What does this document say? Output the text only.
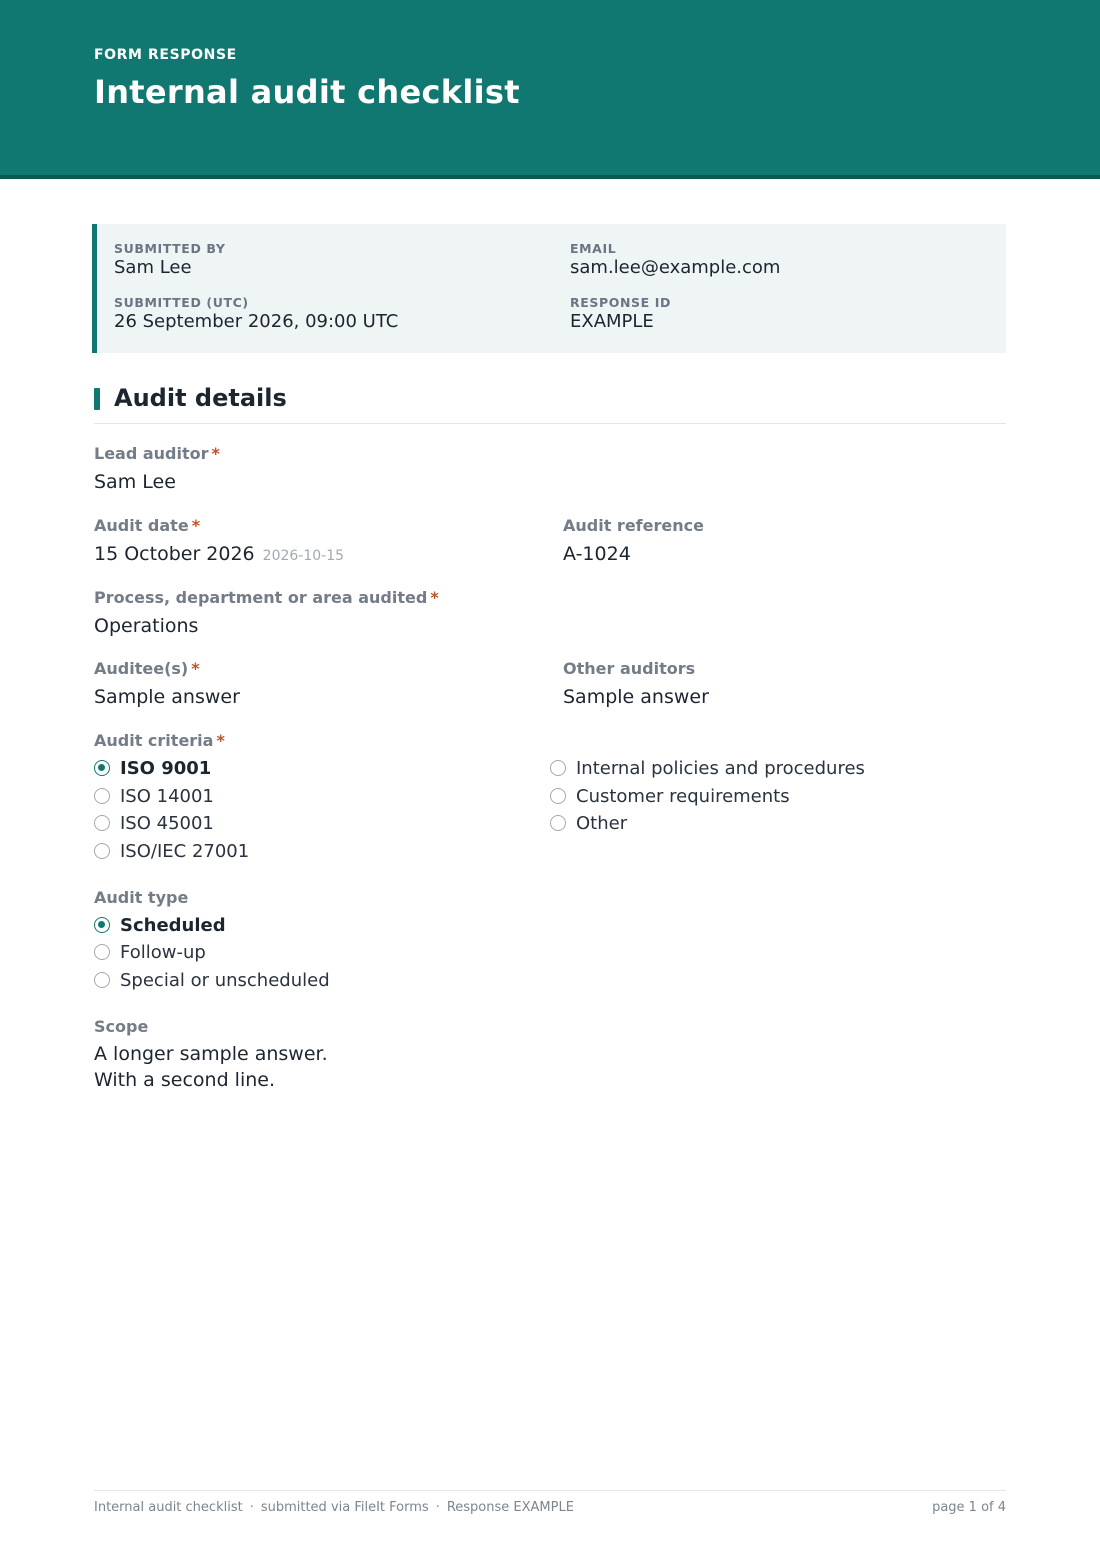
FORM RESPONSE
Internal audit checklist
SUBMITTED BY
Sam Lee
EMAIL
sam.lee@example.com
SUBMITTED (UTC)
26 September 2026, 09:00 UTC
RESPONSE ID
EXAMPLE
Audit details
Lead auditor *
Sam Lee
Audit date *
15 October 2026 2026-10-15
Audit reference
A-1024
Process, department or area audited *
Operations
Auditee(s) *
Sample answer
Other auditors
Sample answer
Audit criteria *
ISO 9001
ISO 14001
ISO 45001
ISO/IEC 27001
Internal policies and procedures
Customer requirements
Other
Audit type
Scheduled
Follow-up
Special or unscheduled
Scope
A longer sample answer.
With a second line.
Internal audit checklist · submitted via FileIt Forms · Response EXAMPLE	page 1 of 4
